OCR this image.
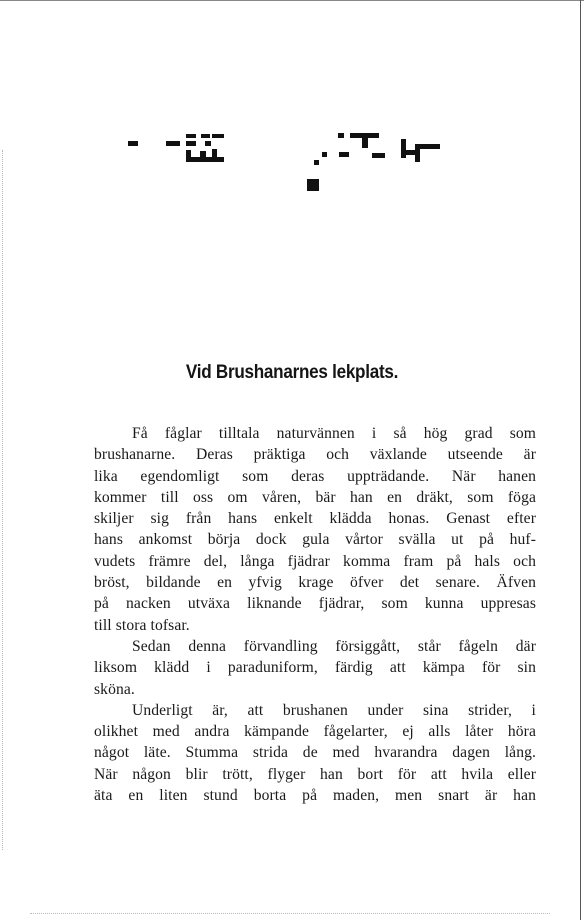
Vid Brushanarnes lekplats.
Få fåglar tilltala naturvännen i så hög grad som
brushanarne. Deras präktiga och växlande utseende är
lika egendomligt som deras uppträdande. När hanen
kommer till oss om våren, bär han en dräkt, som föga
skiljer sig från hans enkelt klädda honas. Genast efter
hans ankomst börja dock gula vårtor svälla ut på huf-
vudets främre del, långa fjädrar komma fram på hals och
bröst, bildande en yfvig krage öfver det senare. Äfven
på nacken utväxa liknande fjädrar, som kunna uppresas
till stora tofsar.
Sedan denna förvandling försiggått, står fågeln där
liksom klädd i paraduniform, färdig att kämpa för sin
sköna.
Underligt är, att brushanen under sina strider, i
olikhet med andra kämpande fågelarter, ej alls låter höra
något läte. Stumma strida de med hvarandra dagen lång.
När någon blir trött, flyger han bort för att hvila eller
äta en liten stund borta på maden, men snart är han
